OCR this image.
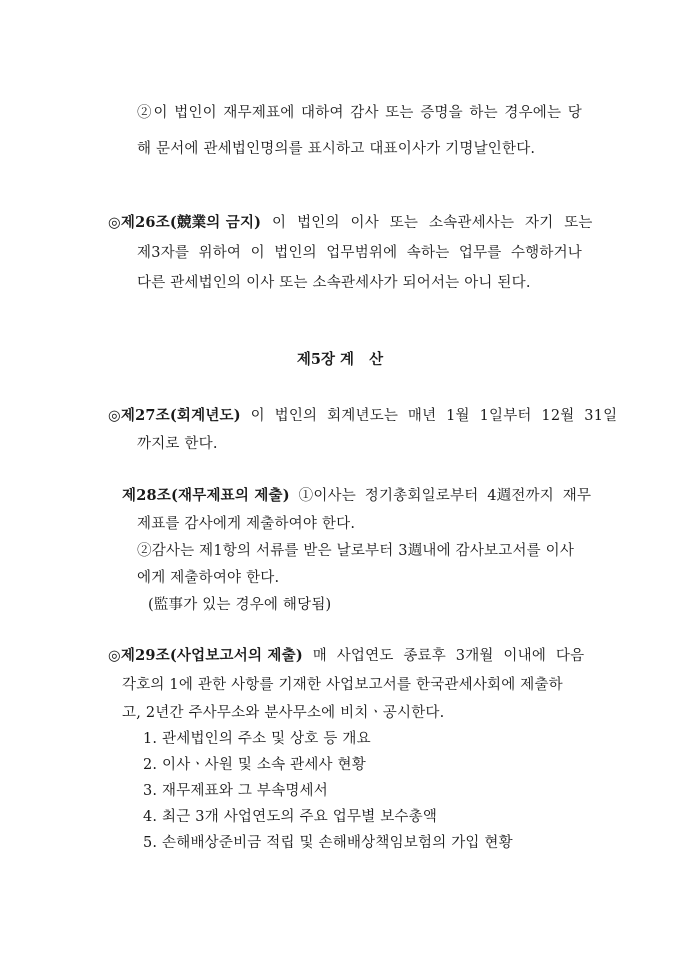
②이 법인이 재무제표에 대하여 감사 또는 증명을 하는 경우에는 당
해 문서에 관세법인명의를 표시하고 대표이사가 기명날인한다.
◎제26조(競業의 금지) 이 법인의 이사 또는 소속관세사는 자기 또는
제3자를 위하여 이 법인의 업무범위에 속하는 업무를 수행하거나
다른 관세법인의 이사 또는 소속관세사가 되어서는 아니 된다.
제5장 계   산
◎제27조(회계년도) 이 법인의 회계년도는 매년 1월 1일부터 12월 31일
까지로 한다.
제28조(재무제표의 제출) ①이사는 정기총회일로부터 4週전까지 재무
제표를 감사에게 제출하여야 한다.
②감사는 제1항의 서류를 받은 날로부터 3週내에 감사보고서를 이사
에게 제출하여야 한다.
(監事가 있는 경우에 해당됨)
◎제29조(사업보고서의 제출) 매 사업연도 종료후 3개월 이내에 다음
각호의 1에 관한 사항를 기재한 사업보고서를 한국관세사회에 제출하
고, 2년간 주사무소와 분사무소에 비치ㆍ공시한다.
1. 관세법인의 주소 및 상호 등 개요
2. 이사ㆍ사원 및 소속 관세사 현황
3. 재무제표와 그 부속명세서
4. 최근 3개 사업연도의 주요 업무별 보수총액
5. 손해배상준비금 적립 및 손해배상책임보험의 가입 현황
